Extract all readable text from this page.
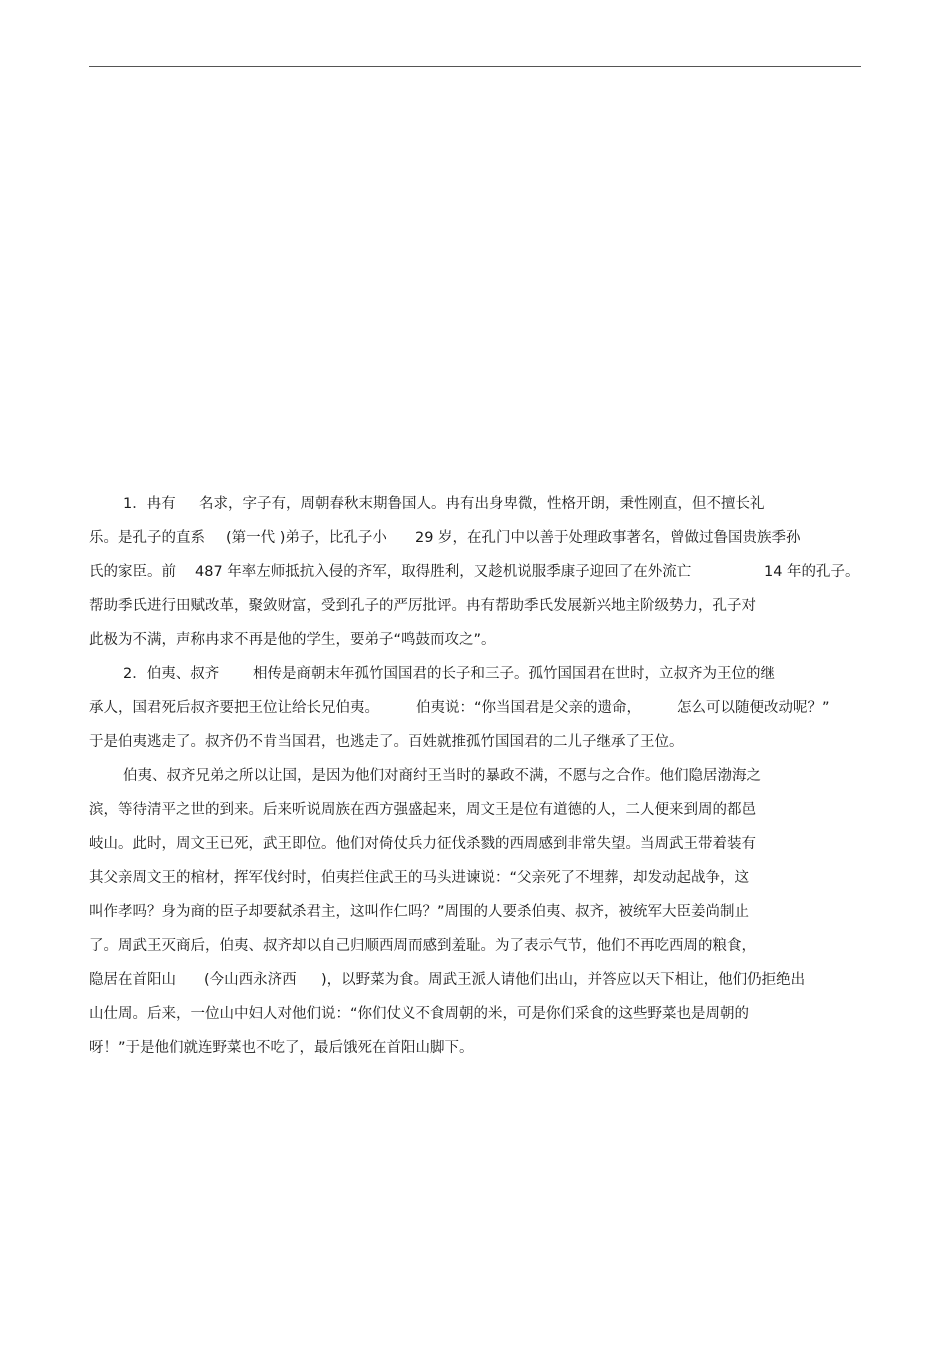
1．冉有 名求，字子有，周朝春秋末期鲁国人。冉有出身卑微，性格开朗，秉性刚直，但不擅长礼
乐。是孔子的直系 (第一代 )弟子，比孔子小 29 岁，在孔门中以善于处理政事著名，曾做过鲁国贵族季孙
氏的家臣。前 487 年率左师抵抗入侵的齐军，取得胜利，又趁机说服季康子迎回了在外流亡	14 年的孔子。
帮助季氏进行田赋改革，聚敛财富，受到孔子的严厉批评。冉有帮助季氏发展新兴地主阶级势力，孔子对
此极为不满，声称冉求不再是他的学生，要弟子“鸣鼓而攻之”。
2．伯夷、叔齐 相传是商朝末年孤竹国国君的长子和三子。孤竹国国君在世时，立叔齐为王位的继
承人，国君死后叔齐要把王位让给长兄伯夷。	伯夷说：“你当国君是父亲的遗命， 怎么可以随便改动呢？”
于是伯夷逃走了。叔齐仍不肯当国君，也逃走了。百姓就推孤竹国国君的二儿子继承了王位。
伯夷、叔齐兄弟之所以让国，是因为他们对商纣王当时的暴政不满，不愿与之合作。他们隐居渤海之
滨，等待清平之世的到来。后来听说周族在西方强盛起来，周文王是位有道德的人，二人便来到周的都邑
岐山。此时，周文王已死，武王即位。他们对倚仗兵力征伐杀戮的西周感到非常失望。当周武王带着装有
其父亲周文王的棺材，挥军伐纣时，伯夷拦住武王的马头进谏说：“父亲死了不埋葬，却发动起战争，这
叫作孝吗？身为商的臣子却要弑杀君主，这叫作仁吗？”周围的人要杀伯夷、叔齐，被统军大臣姜尚制止
了。周武王灭商后，伯夷、叔齐却以自己归顺西周而感到羞耻。为了表示气节，他们不再吃西周的粮食，
隐居在首阳山 (今山西永济西 )，以野菜为食。周武王派人请他们出山，并答应以天下相让，他们仍拒绝出
山仕周。后来，一位山中妇人对他们说：“你们仗义不食周朝的米，可是你们采食的这些野菜也是周朝的
呀！”于是他们就连野菜也不吃了，最后饿死在首阳山脚下。
